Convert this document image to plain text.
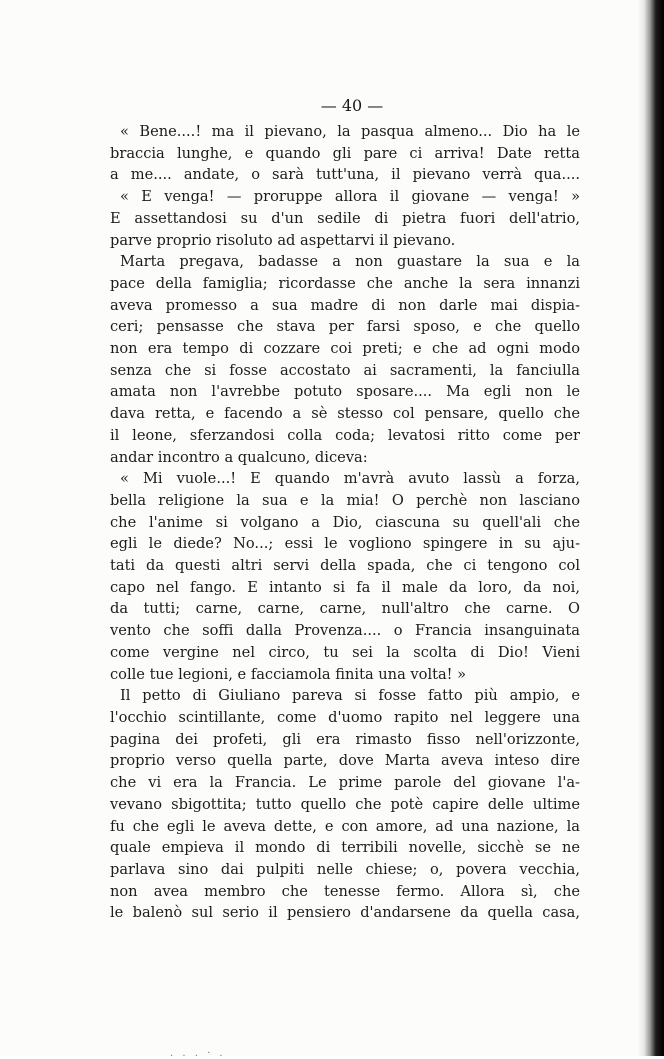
— 40 —
« Bene....! ma il pievano, la pasqua almeno... Dio ha le
braccia lunghe, e quando gli pare ci arriva! Date retta
a me.... andate, o sarà tutt'una, il pievano verrà qua....
« E venga! — proruppe allora il giovane — venga! »
E assettandosi su d'un sedile di pietra fuori dell'atrio,
parve proprio risoluto ad aspettarvi il pievano.
Marta pregava, badasse a non guastare la sua e la
pace della famiglia; ricordasse che anche la sera innanzi
aveva promesso a sua madre di non darle mai dispia-
ceri; pensasse che stava per farsi sposo, e che quello
non era tempo di cozzare coi preti; e che ad ogni modo
senza che si fosse accostato ai sacramenti, la fanciulla
amata non l'avrebbe potuto sposare.... Ma egli non le
dava retta, e facendo a sè stesso col pensare, quello che
il leone, sferzandosi colla coda; levatosi ritto come per
andar incontro a qualcuno, diceva:
« Mi vuole...! E quando m'avrà avuto lassù a forza,
bella religione la sua e la mia! O perchè non lasciano
che l'anime si volgano a Dio, ciascuna su quell'ali che
egli le diede? No...; essi le vogliono spingere in su aju-
tati da questi altri servi della spada, che ci tengono col
capo nel fango. E intanto si fa il male da loro, da noi,
da tutti; carne, carne, carne, null'altro che carne. O
vento che soffi dalla Provenza.... o Francia insanguinata
come vergine nel circo, tu sei la scolta di Dio! Vieni
colle tue legioni, e facciamola finita una volta! »
Il petto di Giuliano pareva si fosse fatto più ampio, e
l'occhio scintillante, come d'uomo rapito nel leggere una
pagina dei profeti, gli era rimasto fisso nell'orizzonte,
proprio verso quella parte, dove Marta aveva inteso dire
che vi era la Francia. Le prime parole del giovane l'a-
vevano sbigottita; tutto quello che potè capire delle ultime
fu che egli le aveva dette, e con amore, ad una nazione, la
quale empieva il mondo di terribili novelle, sicchè se ne
parlava sino dai pulpiti nelle chiese; o, povera vecchia,
non avea membro che tenesse fermo. Allora sì, che
le balenò sul serio il pensiero d'andarsene da quella casa,
. . . · .
